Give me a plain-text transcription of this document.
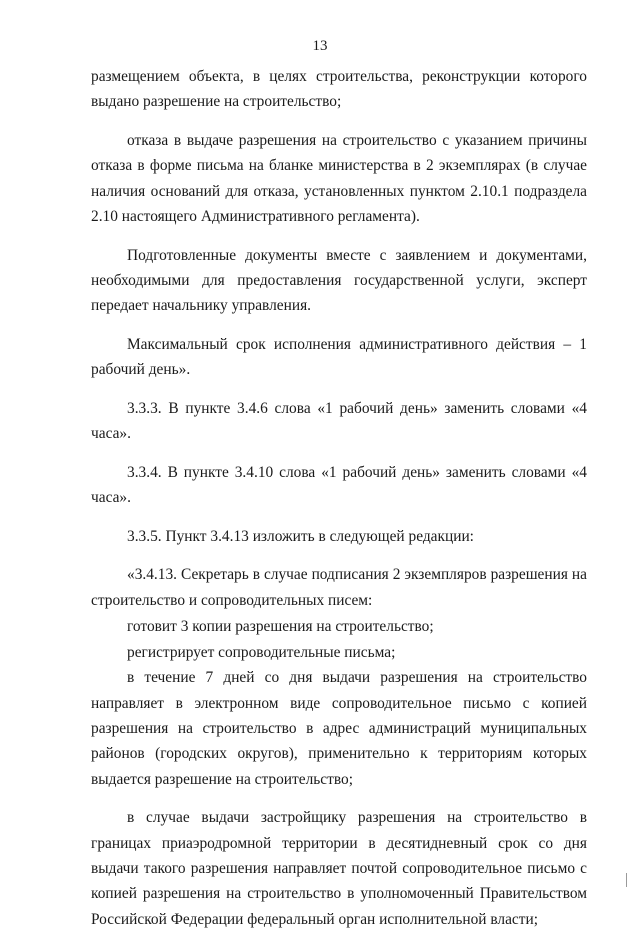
13

размещением объекта, в целях строительства, реконструкции которого выдано разрешение на строительство;

отказа в выдаче разрешения на строительство с указанием причины отказа в форме письма на бланке министерства в 2 экземплярах (в случае наличия оснований для отказа, установленных пунктом 2.10.1 подраздела 2.10 настоящего Административного регламента).

Подготовленные документы вместе с заявлением и документами, необходимыми для предоставления государственной услуги, эксперт передает начальнику управления.

Максимальный срок исполнения административного действия – 1 рабочий день».

3.3.3. В пункте 3.4.6 слова «1 рабочий день» заменить словами «4 часа».

3.3.4. В пункте 3.4.10 слова «1 рабочий день» заменить словами «4 часа».

3.3.5. Пункт 3.4.13 изложить в следующей редакции:

«3.4.13. Секретарь в случае подписания 2 экземпляров разрешения на строительство и сопроводительных писем:

готовит 3 копии разрешения на строительство;

регистрирует сопроводительные письма;

в течение 7 дней со дня выдачи разрешения на строительство направляет в электронном виде сопроводительное письмо с копией разрешения на строительство в адрес администраций муниципальных районов (городских округов), применительно к территориям которых выдается разрешение на строительство;

в случае выдачи застройщику разрешения на строительство в границах приаэродромной территории в десятидневный срок со дня выдачи такого разрешения направляет почтой сопроводительное письмо с копией разрешения на строительство в уполномоченный Правительством Российской Федерации федеральный орган исполнительной власти;
